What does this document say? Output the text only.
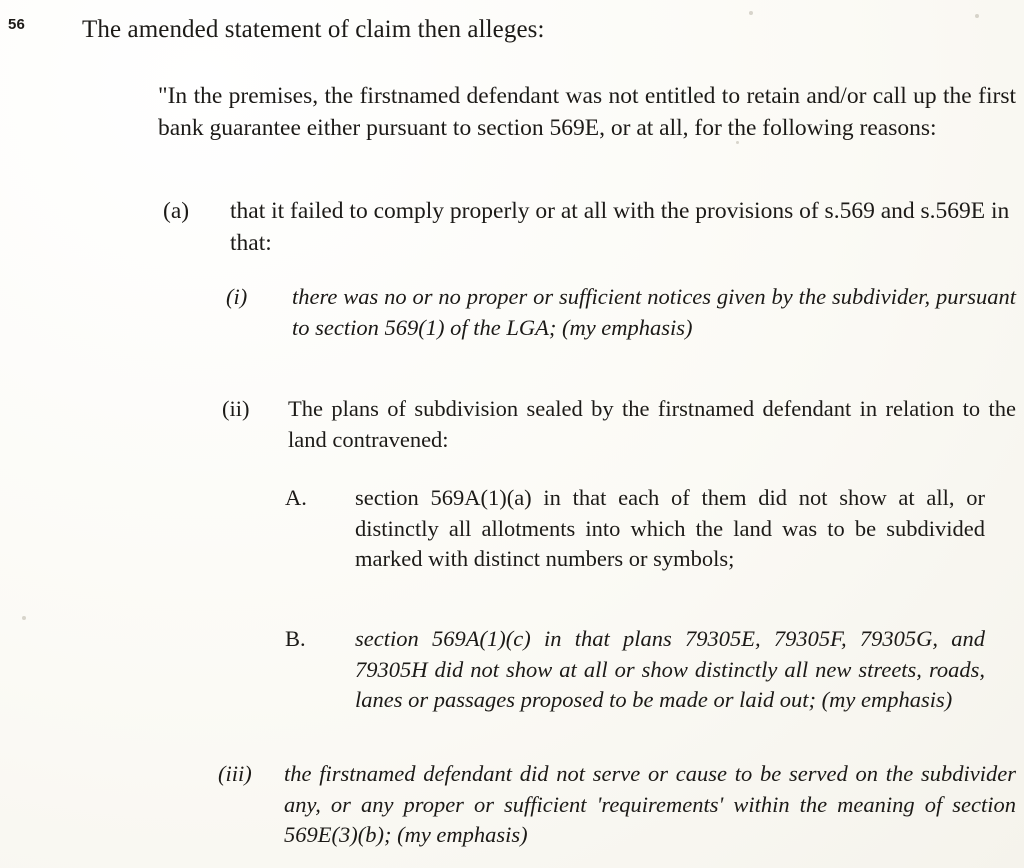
56 The amended statement of claim then alleges:
"In the premises, the firstnamed defendant was not entitled to retain and/or call up the first bank guarantee either pursuant to section 569E, or at all, for the following reasons:
(a)	that it failed to comply properly or at all with the provisions of s.569 and s.569E in that:
(i)	there was no or no proper or sufficient notices given by the subdivider, pursuant to section 569(1) of the LGA; (my emphasis)
(ii)	The plans of subdivision sealed by the firstnamed defendant in relation to the land contravened:
A.	section 569A(1)(a) in that each of them did not show at all, or distinctly all allotments into which the land was to be subdivided marked with distinct numbers or symbols;
B.	section 569A(1)(c) in that plans 79305E, 79305F, 79305G, and 79305H did not show at all or show distinctly all new streets, roads, lanes or passages proposed to be made or laid out; (my emphasis)
(iii)	the firstnamed defendant did not serve or cause to be served on the subdivider any, or any proper or sufficient 'requirements' within the meaning of section 569E(3)(b); (my emphasis)
